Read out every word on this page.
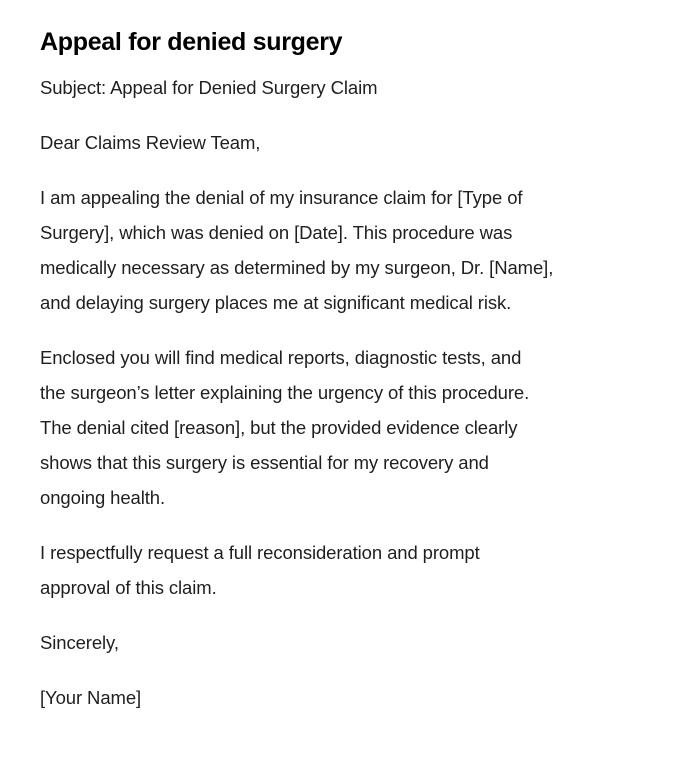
Appeal for denied surgery

Subject: Appeal for Denied Surgery Claim

Dear Claims Review Team,

I am appealing the denial of my insurance claim for [Type of
Surgery], which was denied on [Date]. This procedure was
medically necessary as determined by my surgeon, Dr. [Name],
and delaying surgery places me at significant medical risk.
Enclosed you will find medical reports, diagnostic tests, and
the surgeon’s letter explaining the urgency of this procedure.
The denial cited [reason], but the provided evidence clearly
shows that this surgery is essential for my recovery and
ongoing health.
I respectfully request a full reconsideration and prompt
approval of this claim.

Sincerely,

[Your Name]
